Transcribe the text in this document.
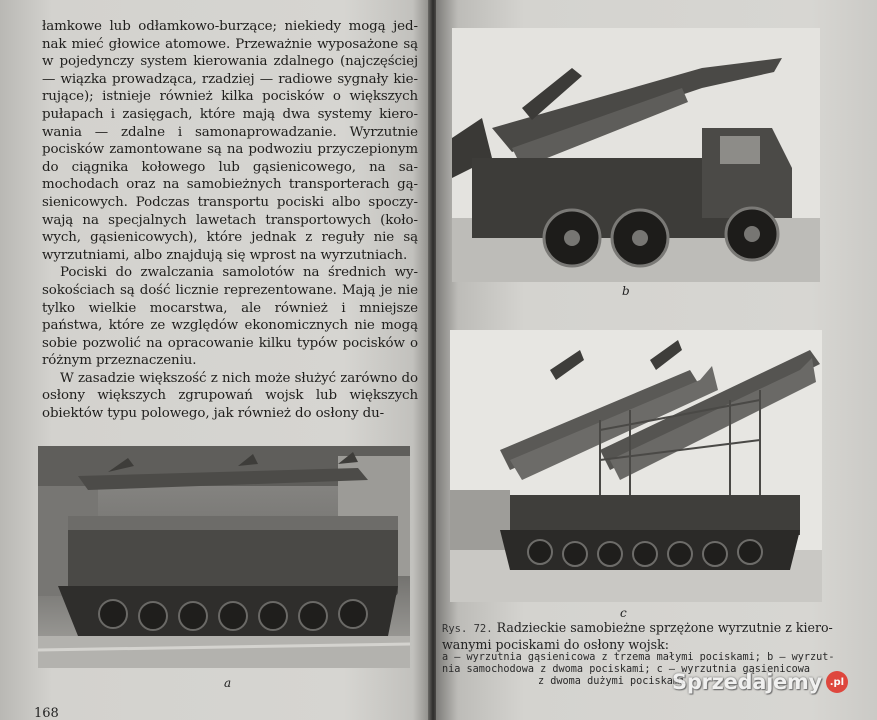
łamkowe lub odłamkowo-burzące; niekiedy mogą jednak mieć głowice atomowe. Przeważnie wyposażone są w pojedynczy system kierowania zdalnego (najczęściej — wiązka prowadząca, rzadziej — radiowe sygnały kierujące); istnieje również kilka pocisków o większych pułapach i zasięgach, które mają dwa systemy kierowania — zdalne i samonaprowadzanie. Wyrzutnie pocisków zamontowane są na podwoziu przyczepionym do ciągnika kołowego lub gąsienicowego, na samochodach oraz na samobieżnych transporterach gąsienicowych. Podczas transportu pociski albo spoczywają na specjalnych lawetach transportowych (kołowych, gąsienicowych), które jednak z reguły nie są wyrzutniami, albo znajdują się wprost na wyrzutniach.

Pociski do zwalczania samolotów na średnich wysokościach są dość licznie reprezentowane. Mają je nie tylko wielkie mocarstwa, ale również i mniejsze państwa, które ze względów ekonomicznych nie mogą sobie pozwolić na opracowanie kilku typów pocisków o różnym przeznaczeniu.

W zasadzie większość z nich może służyć zarówno do osłony większych zgrupowań wojsk lub większych obiektów typu polowego, jak również do osłony du-

a
168
b
c
Rys. 72. Radzieckie samobieżne sprzężone wyrzutnie z kierowanymi pociskami do osłony wojsk:
a — wyrzutnia gąsienicowa z trzema małymi pociskami; b — wyrzut-
nia samochodowa z dwoma pociskami; c — wyrzutnia gąsienicowa
z dwoma dużymi pociskami
Sprzedajemy .pl
